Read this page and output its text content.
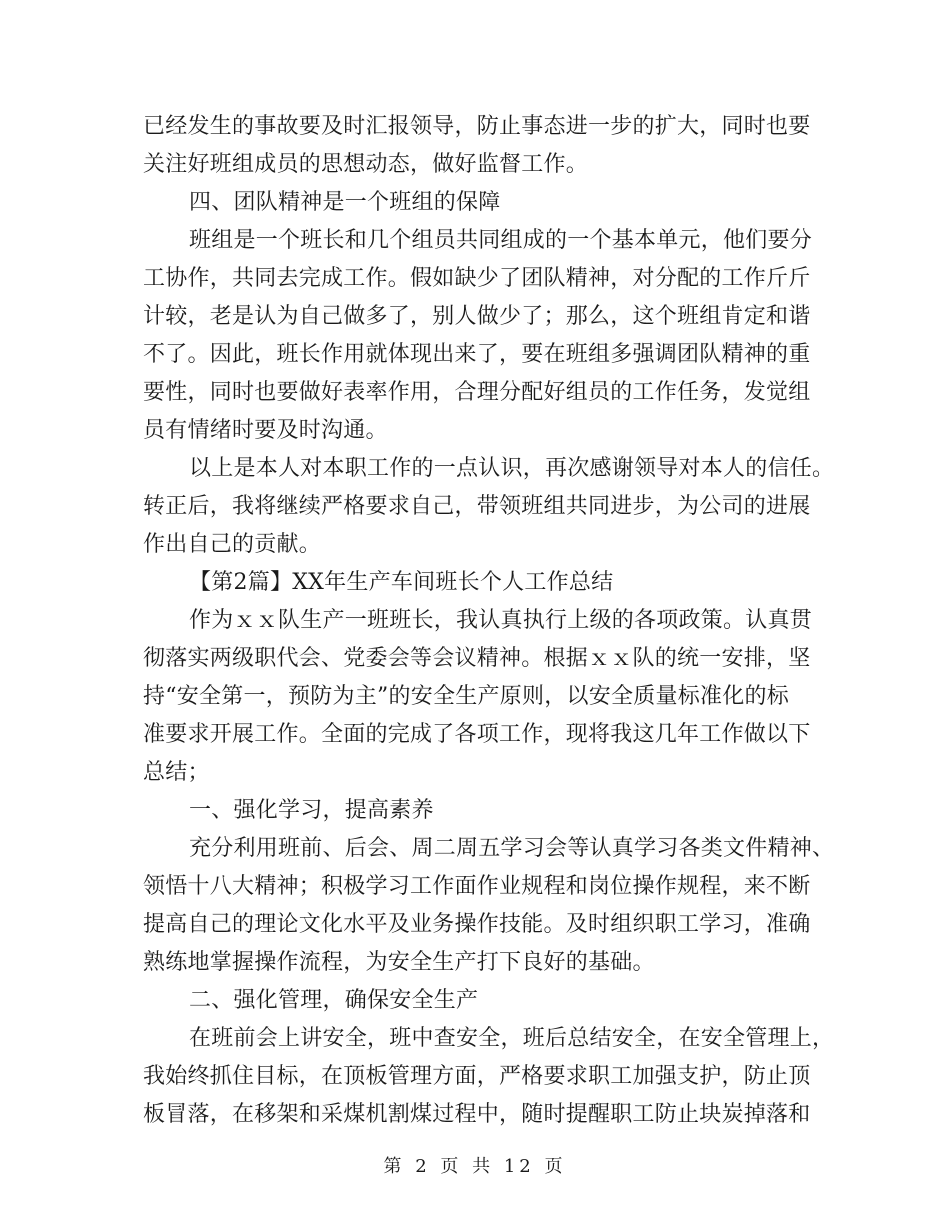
已经发生的事故要及时汇报领导，防止事态进一步的扩大，同时也要
关注好班组成员的思想动态，做好监督工作。
四、团队精神是一个班组的保障
班组是一个班长和几个组员共同组成的一个基本单元，他们要分
工协作，共同去完成工作。假如缺少了团队精神，对分配的工作斤斤
计较，老是认为自己做多了，别人做少了；那么，这个班组肯定和谐
不了。因此，班长作用就体现出来了，要在班组多强调团队精神的重
要性，同时也要做好表率作用，合理分配好组员的工作任务，发觉组
员有情绪时要及时沟通。
以上是本人对本职工作的一点认识，再次感谢领导对本人的信任。
转正后，我将继续严格要求自己，带领班组共同进步，为公司的进展
作出自己的贡献。
【第2篇】XX年生产车间班长个人工作总结
作为ｘｘ队生产一班班长，我认真执行上级的各项政策。认真贯
彻落实两级职代会、党委会等会议精神。根据ｘｘ队的统一安排，坚
持“安全第一，预防为主”的安全生产原则，以安全质量标准化的标
准要求开展工作。全面的完成了各项工作，现将我这几年工作做以下
总结；
一、强化学习，提高素养
充分利用班前、后会、周二周五学习会等认真学习各类文件精神、
领悟十八大精神；积极学习工作面作业规程和岗位操作规程，来不断
提高自己的理论文化水平及业务操作技能。及时组织职工学习，准确
熟练地掌握操作流程，为安全生产打下良好的基础。
二、强化管理，确保安全生产
在班前会上讲安全，班中查安全，班后总结安全，在安全管理上，
我始终抓住目标，在顶板管理方面，严格要求职工加强支护，防止顶
板冒落，在移架和采煤机割煤过程中，随时提醒职工防止块炭掉落和
第 2 页 共 12 页
